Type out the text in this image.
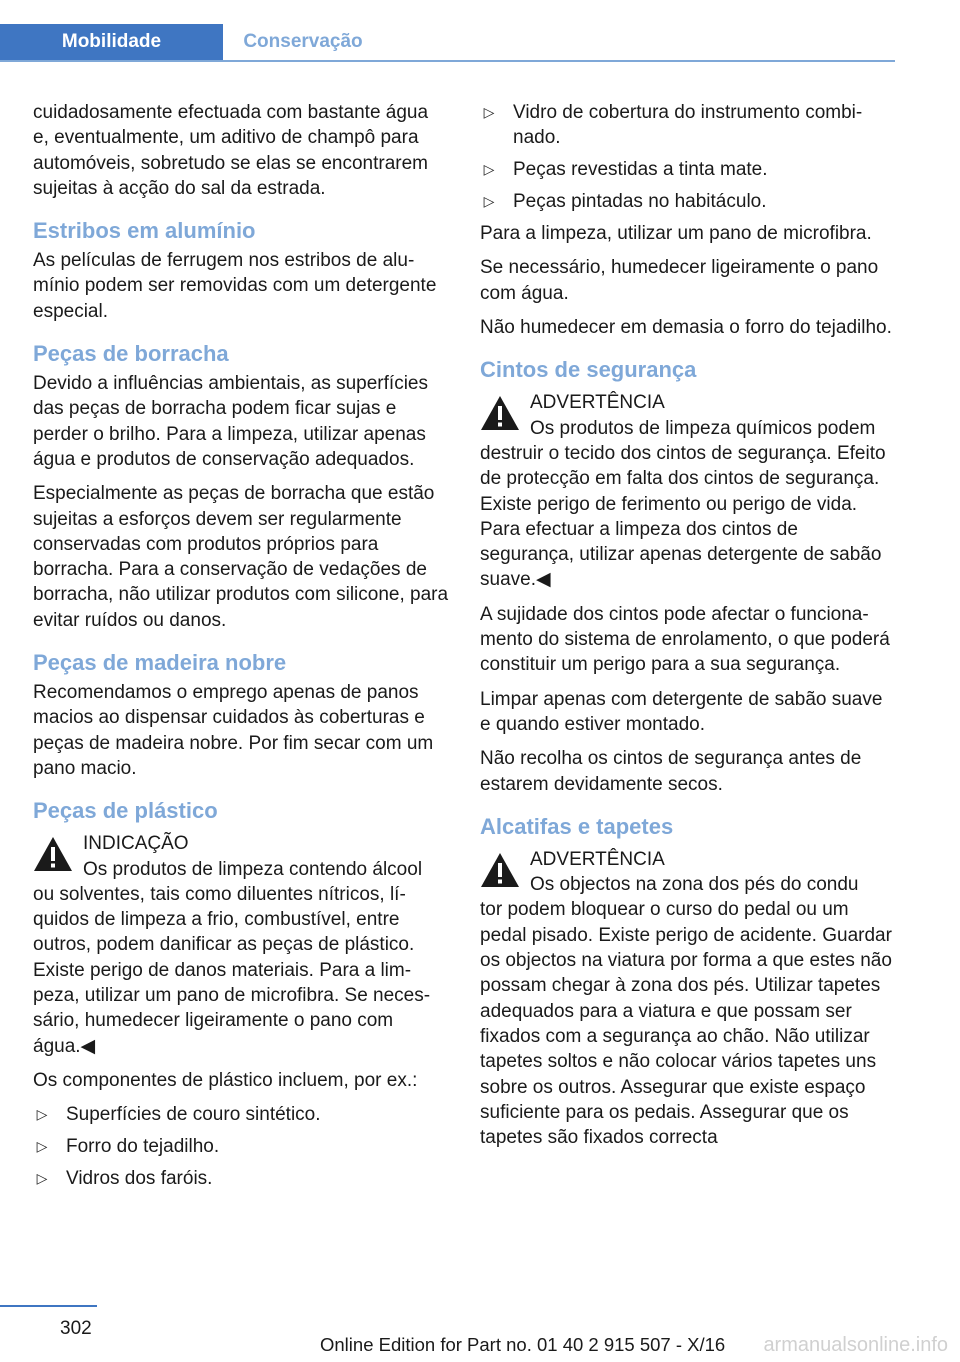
Mobilidade	Conservação

cuidadosamente efectuada com bastante água e, eventualmente, um aditivo de champô para automóveis, sobretudo se elas se encontrarem sujeitas à acção do sal da estrada.

Estribos em alumínio

As películas de ferrugem nos estribos de alumínio podem ser removidas com um detergente especial.

Peças de borracha

Devido a influências ambientais, as superfícies das peças de borracha podem ficar sujas e perder o brilho. Para a limpeza, utilizar apenas água e produtos de conservação adequados.

Especialmente as peças de borracha que estão sujeitas a esforços devem ser regularmente conservadas com produtos próprios para borracha. Para a conservação de vedações de borracha, não utilizar produtos com silicone, para evitar ruídos ou danos.

Peças de madeira nobre

Recomendamos o emprego apenas de panos macios ao dispensar cuidados às coberturas e peças de madeira nobre. Por fim secar com um pano macio.

Peças de plástico
INDICAÇÃO
Os produtos de limpeza contendo álcool
ou solventes, tais como diluentes nítricos, líquidos de limpeza a frio, combustível, entre outros, podem danificar as peças de plástico. Existe perigo de danos materiais. Para a limpeza, utilizar um pano de microfibra. Se necessário, humedecer ligeiramente o pano com água.◀

Os componentes de plástico incluem, por ex.:

▷ Superfícies de couro sintético.
▷ Forro do tejadilho.
▷ Vidros dos faróis.
▷ Vidro de cobertura do instrumento combinado.
▷ Peças revestidas a tinta mate.
▷ Peças pintadas no habitáculo.

Para a limpeza, utilizar um pano de microfibra.

Se necessário, humedecer ligeiramente o pano com água.

Não humedecer em demasia o forro do tejadilho.

Cintos de segurança
ADVERTÊNCIA
Os produtos de limpeza químicos podem
destruir o tecido dos cintos de segurança. Efeito de protecção em falta dos cintos de segurança. Existe perigo de ferimento ou perigo de vida. Para efectuar a limpeza dos cintos de segurança, utilizar apenas detergente de sabão suave.◀

A sujidade dos cintos pode afectar o funcionamento do sistema de enrolamento, o que poderá constituir um perigo para a sua segurança.

Limpar apenas com detergente de sabão suave e quando estiver montado.

Não recolha os cintos de segurança antes de estarem devidamente secos.

Alcatifas e tapetes
ADVERTÊNCIA
Os objectos na zona dos pés do condu
tor podem bloquear o curso do pedal ou um pedal pisado. Existe perigo de acidente. Guardar os objectos na viatura por forma a que estes não possam chegar à zona dos pés. Utilizar tapetes adequados para a viatura e que possam ser fixados com a segurança ao chão. Não utilizar tapetes soltos e não colocar vários tapetes uns sobre os outros. Assegurar que existe espaço suficiente para os pedais. Assegurar que os tapetes são fixados correcta
302
Online Edition for Part no. 01 40 2 915 507 - X/16 armanualsonline.info
